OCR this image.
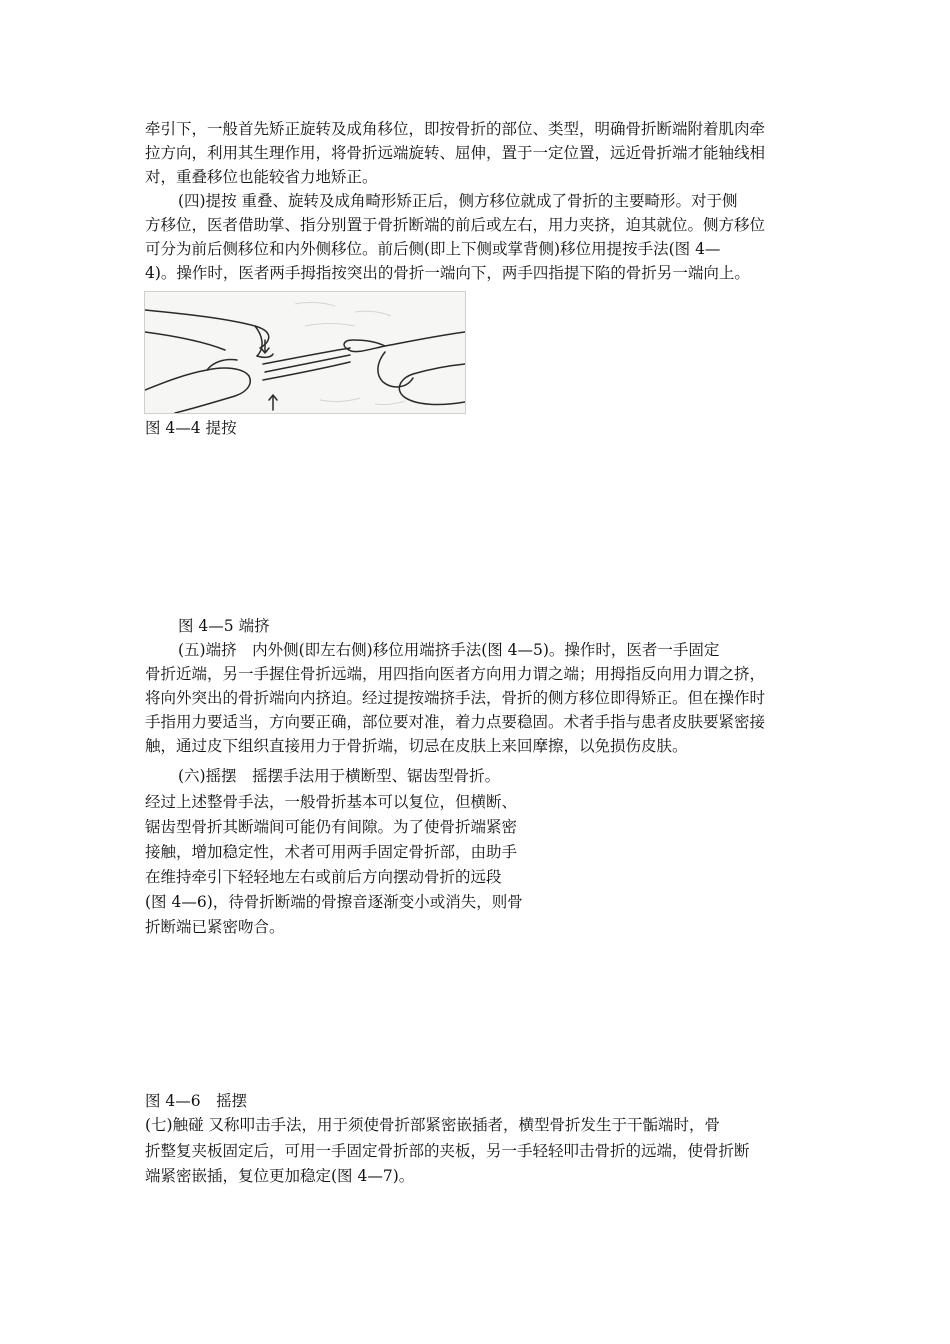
牵引下，一般首先矫正旋转及成角移位，即按骨折的部位、类型，明确骨折断端附着肌肉牵
拉方向，利用其生理作用，将骨折远端旋转、屈伸，置于一定位置，远近骨折端才能轴线相
对，重叠移位也能较省力地矫正。
(四)提按 重叠、旋转及成角畸形矫正后，侧方移位就成了骨折的主要畸形。对于侧
方移位，医者借助掌、指分别置于骨折断端的前后或左右，用力夹挤，迫其就位。侧方移位
可分为前后侧移位和内外侧移位。前后侧(即上下侧或掌背侧)移位用提按手法(图 4—
4)。操作时，医者两手拇指按突出的骨折一端向下，两手四指提下陷的骨折另一端向上。
图 4—4 提按
图 4—5 端挤
(五)端挤　内外侧(即左右侧)移位用端挤手法(图 4—5)。操作时，医者一手固定
骨折近端，另一手握住骨折远端，用四指向医者方向用力谓之端；用拇指反向用力谓之挤，
将向外突出的骨折端向内挤迫。经过提按端挤手法，骨折的侧方移位即得矫正。但在操作时
手指用力要适当，方向要正确，部位要对准，着力点要稳固。术者手指与患者皮肤要紧密接
触，通过皮下组织直接用力于骨折端，切忌在皮肤上来回摩擦，以免损伤皮肤。
(六)摇摆　摇摆手法用于横断型、锯齿型骨折。
经过上述整骨手法，一般骨折基本可以复位，但横断、
锯齿型骨折其断端间可能仍有间隙。为了使骨折端紧密
接触，增加稳定性，术者可用两手固定骨折部，由助手
在维持牵引下轻轻地左右或前后方向摆动骨折的远段
(图 4—6)，待骨折断端的骨擦音逐渐变小或消失，则骨
折断端已紧密吻合。
图 4—6　摇摆
(七)触碰 又称叩击手法，用于须使骨折部紧密嵌插者，横型骨折发生于干骺端时，骨
折整复夹板固定后，可用一手固定骨折部的夹板，另一手轻轻叩击骨折的远端，使骨折断
端紧密嵌插，复位更加稳定(图 4—7)。
